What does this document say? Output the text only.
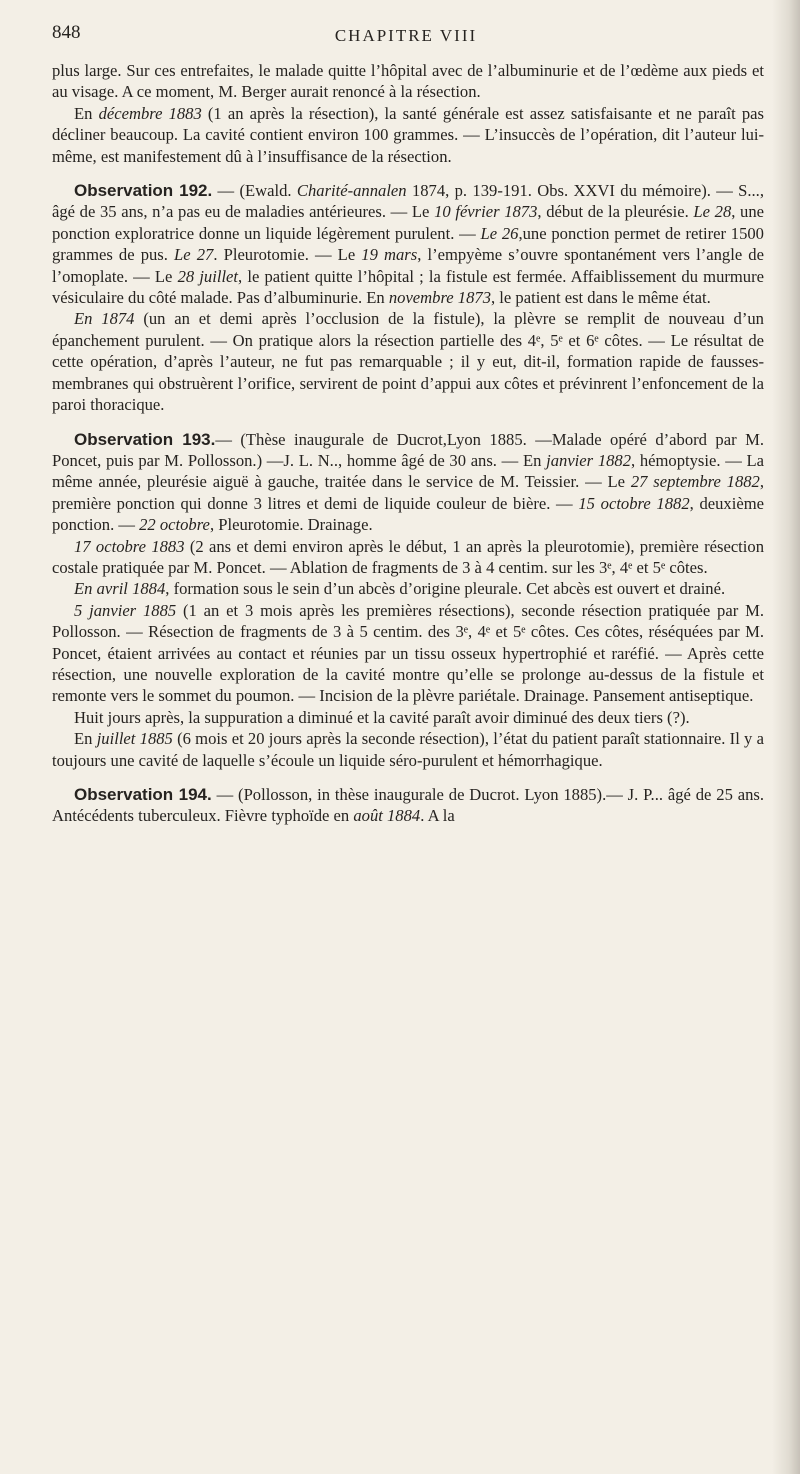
848	CHAPITRE VIII

plus large. Sur ces entrefaites, le malade quitte l’hôpital avec de l’albuminurie et de l’œdème aux pieds et au visage. A ce moment, M. Berger aurait renoncé à la résection.

En décembre 1883 (1 an après la résection), la santé générale est assez satisfaisante et ne paraît pas décliner beaucoup. La cavité contient environ 100 grammes. — L’insuccès de l’opération, dit l’auteur lui-même, est manifestement dû à l’insuffisance de la résection.

Observation 192. — (Ewald. Charité-annalen 1874, p. 139-191. Obs. XXVI du mémoire). — S..., âgé de 35 ans, n’a pas eu de maladies antérieures. — Le 10 février 1873, début de la pleurésie. Le 28, une ponction exploratrice donne un liquide légèrement purulent. — Le 26,une ponction permet de retirer 1500 grammes de pus. Le 27. Pleurotomie. — Le 19 mars, l’empyème s’ouvre spontanément vers l’angle de l’omoplate. — Le 28 juillet, le patient quitte l’hôpital ; la fistule est fermée. Affaiblissement du murmure vésiculaire du côté malade. Pas d’albuminurie. En novembre 1873, le patient est dans le même état.

En 1874 (un an et demi après l’occlusion de la fistule), la plèvre se remplit de nouveau d’un épanchement purulent. — On pratique alors la résection partielle des 4ᵉ, 5ᵉ et 6ᵉ côtes. — Le résultat de cette opération, d’après l’auteur, ne fut pas remarquable ; il y eut, dit-il, formation rapide de fausses-membranes qui obstruèrent l’orifice, servirent de point d’appui aux côtes et prévinrent l’enfoncement de la paroi thoracique.

Observation 193.— (Thèse inaugurale de Ducrot,Lyon 1885. —Malade opéré d’abord par M. Poncet, puis par M. Pollosson.) —J. L. N.., homme âgé de 30 ans. — En janvier 1882, hémoptysie. — La même année, pleurésie aiguë à gauche, traitée dans le service de M. Teissier. — Le 27 septembre 1882, première ponction qui donne 3 litres et demi de liquide couleur de bière. — 15 octobre 1882, deuxième ponction. — 22 octobre, Pleurotomie. Drainage.

17 octobre 1883 (2 ans et demi environ après le début, 1 an après la pleurotomie), première résection costale pratiquée par M. Poncet. — Ablation de fragments de 3 à 4 centim. sur les 3ᵉ, 4ᵉ et 5ᵉ côtes.

En avril 1884, formation sous le sein d’un abcès d’origine pleurale. Cet abcès est ouvert et drainé.

5 janvier 1885 (1 an et 3 mois après les premières résections), seconde résection pratiquée par M. Pollosson. — Résection de fragments de 3 à 5 centim. des 3ᵉ, 4ᵉ et 5ᵉ côtes. Ces côtes, réséquées par M. Poncet, étaient arrivées au contact et réunies par un tissu osseux hypertrophié et raréfié. — Après cette résection, une nouvelle exploration de la cavité montre qu’elle se prolonge au-dessus de la fistule et remonte vers le sommet du poumon. — Incision de la plèvre pariétale. Drainage. Pansement antiseptique.

Huit jours après, la suppuration a diminué et la cavité paraît avoir diminué des deux tiers (?).

En juillet 1885 (6 mois et 20 jours après la seconde résection), l’état du patient paraît stationnaire. Il y a toujours une cavité de laquelle s’écoule un liquide séro-purulent et hémorrhagique.

Observation 194. — (Pollosson, in thèse inaugurale de Ducrot. Lyon 1885).— J. P... âgé de 25 ans. Antécédents tuberculeux. Fièvre typhoïde en août 1884. A la
